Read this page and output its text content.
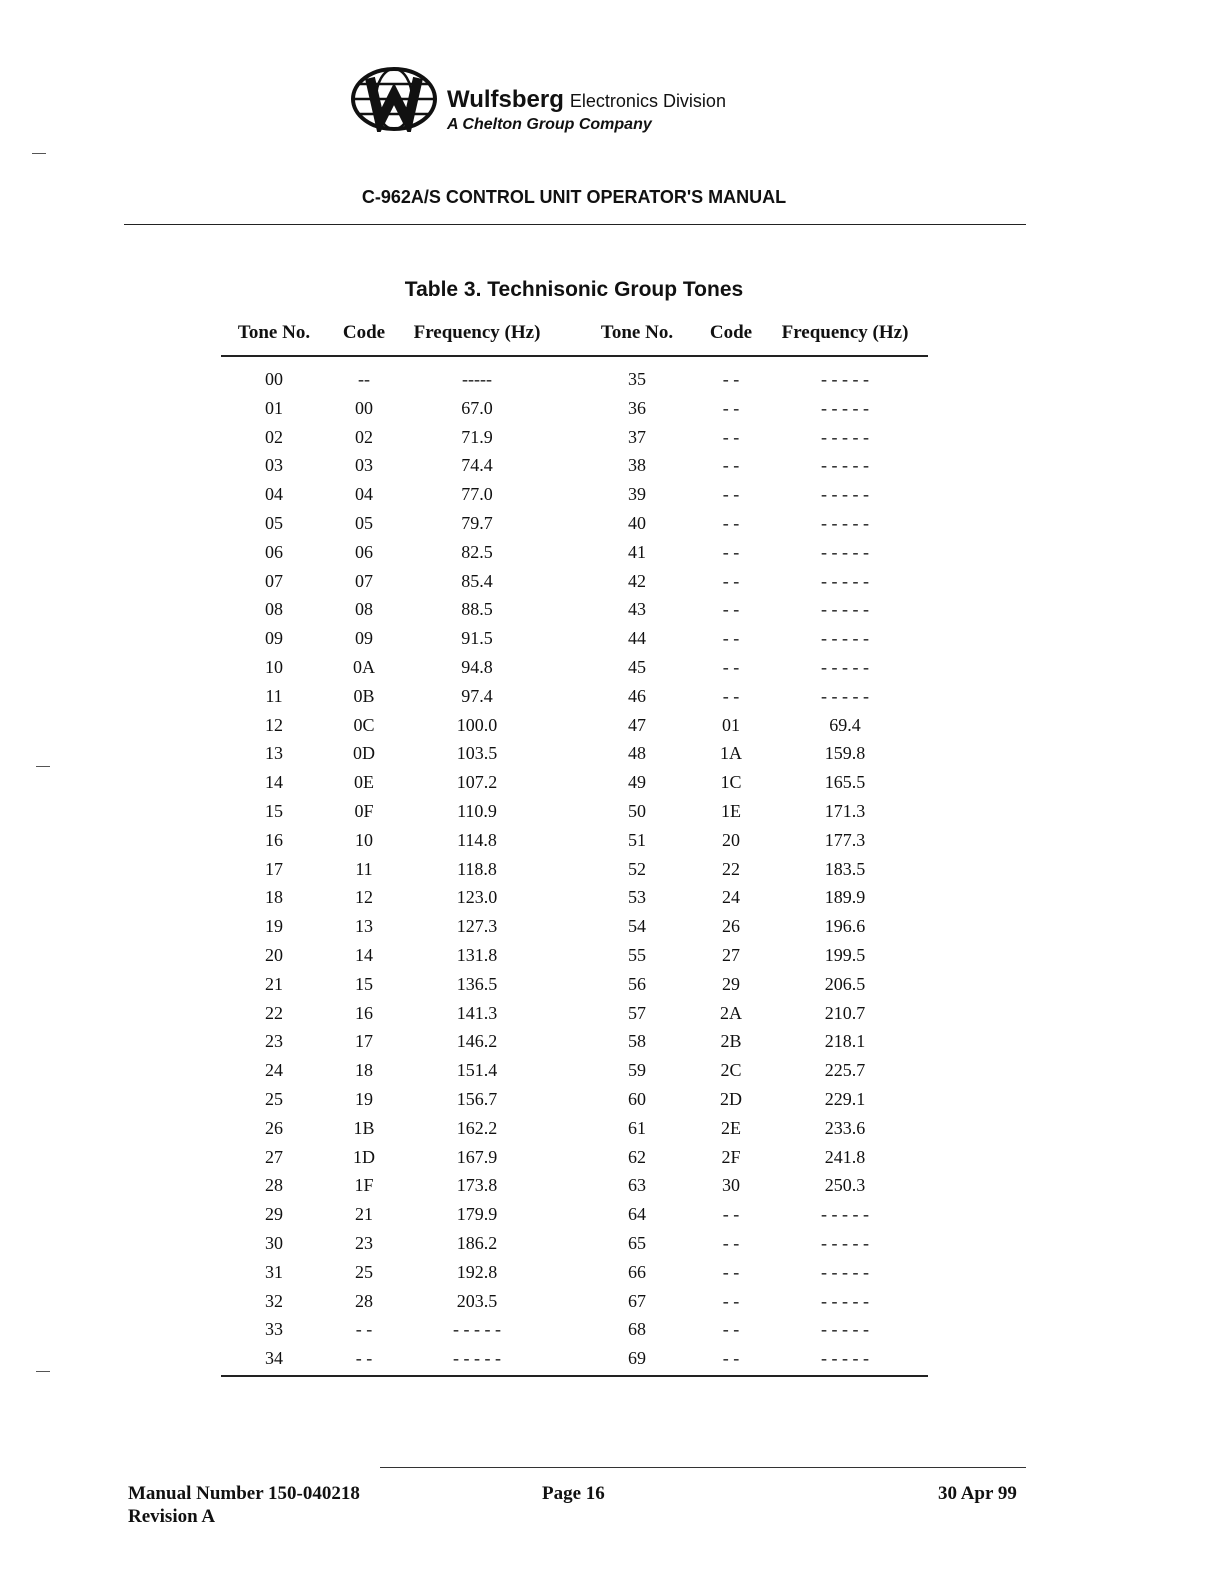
Wulfsberg Electronics Division
A Chelton Group Company
C-962A/S CONTROL UNIT OPERATOR'S MANUAL
Table 3. Technisonic Group Tones
Tone No. Code Frequency (Hz)	Tone No. Code Frequency (Hz)
00	--	-----	35	- -	- - - - -
01	00	67.0	36	- -	- - - - -
02	02	71.9	37	- -	- - - - -
03	03	74.4	38	- -	- - - - -
04	04	77.0	39	- -	- - - - -
05	05	79.7	40	- -	- - - - -
06	06	82.5	41	- -	- - - - -
07	07	85.4	42	- -	- - - - -
08	08	88.5	43	- -	- - - - -
09	09	91.5	44	- -	- - - - -
10	0A	94.8	45	- -	- - - - -
11	0B	97.4	46	- -	- - - - -
12	0C	100.0	47	01	69.4
13	0D	103.5	48	1A	159.8
14	0E	107.2	49	1C	165.5
15	0F	110.9	50	1E	171.3
16	10	114.8	51	20	177.3
17	11	118.8	52	22	183.5
18	12	123.0	53	24	189.9
19	13	127.3	54	26	196.6
20	14	131.8	55	27	199.5
21	15	136.5	56	29	206.5
22	16	141.3	57	2A	210.7
23	17	146.2	58	2B	218.1
24	18	151.4	59	2C	225.7
25	19	156.7	60	2D	229.1
26	1B	162.2	61	2E	233.6
27	1D	167.9	62	2F	241.8
28	1F	173.8	63	30	250.3
29	21	179.9	64	- -	- - - - -
30	23	186.2	65	- -	- - - - -
31	25	192.8	66	- -	- - - - -
32	28	203.5	67	- -	- - - - -
33	- -	- - - - -	68	- -	- - - - -
34	- -	- - - - -	69	- -	- - - - -
Manual Number 150-040218
Revision A
Page 16	30 Apr 99
